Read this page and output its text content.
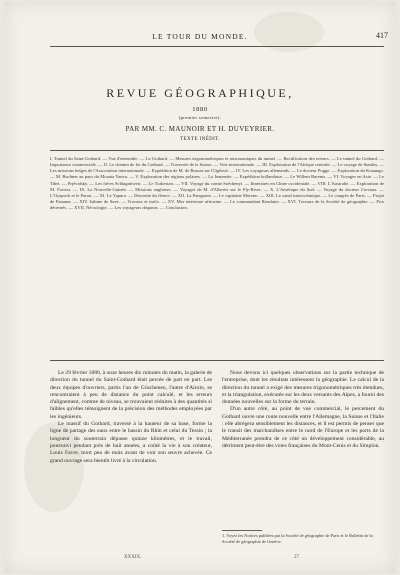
LE TOUR DU MONDE.	417
REVUE GÉOGRAPHIQUE,
1880
(premier semestre).
PAR MM. C. MAUNOIR ET H. DUVEYRIER.
TEXTE INÉDIT.
I. Tunnel du Saint-Gothard. — Vue d'ensemble. — Le Gothard. — Mesures trigonométriques et astronomiques du tunnel. — Rectification des erreurs. — Le tunnel du Gothard. — Importance commerciale. — II. Le chemin de fer du Gothard. — Traversée de la Suisse. — Voie internationale. — III. Exploration de l'Afrique centrale. — Le voyage de Stanley. — Les missions belges de l'Association internationale. — Expédition de M. de Brazza sur l'Ogôoué. — IV. Les voyageurs allemands. — Le docteur Pogge. — Exploration du Kouango. — M. Buchner au pays du Mouata Yanvo. — V. Exploration des régions polaires. — La Jeannette. — Expédition hollandaise. — Le Willem Barents. — VI. Voyages en Asie. — Le Tibet. — Prjévalsky. — Les frères Schlagintweit. — Le Turkestan. — VII. Voyage du comte Széchenyi. — Itinéraires en Chine occidentale. — VIII. L'Australie. — Exploration de M. Forrest. — IX. La Nouvelle-Guinée. — Missions anglaises. — Voyages de M. d'Albertis sur le Fly-River. — X. L'Amérique du Sud. — Voyage du docteur Crevaux. — L'Oyapock et le Parou. — XI. Le Yapura. — Descente du fleuve. — XII. La Patagonie. — Le capitaine Moreno. — XIII. Le canal interocéanique. — Le congrès de Paris. — Projet de Panama. — XIV. Isthme de Suez. — Travaux et trafic. — XV. Mer intérieure africaine. — Le commandant Roudaire. — XVI. Travaux de la Société de géographie. — Prix décernés. — XVII. Nécrologie. — Les voyageurs disparus. — Conclusion.

Le 29 février 1880, à onze heures dix minutes du matin, la galerie de direction du tunnel du Saint-Gothard était percée de part en part. Les deux équipes d'ouvriers, partis l'un de Göschenen, l'autre d'Airolo, se rencontraient à peu de distance du point calculé, et les erreurs d'alignement, comme de niveau, se trouvaient réduites à des quantités si faibles qu'elles témoignent de la précision des méthodes employées par les ingénieurs.

Le massif du Gothard, traversé à la hauteur de sa base, forme la ligne de partage des eaux entre le bassin du Rhin et celui du Tessin ; la longueur du souterrain dépasse quinze kilomètres, et le travail, poursuivi pendant près de huit années, a coûté la vie à son créateur, Louis Favre, mort peu de mois avant de voir son œuvre achevée. Ce grand ouvrage sera bientôt livré à la circulation.

Nous devons ici quelques observations sur la partie technique de l'entreprise, dont les résultats intéressent la géographie. Le calcul de la direction du tunnel a exigé des mesures trigonométriques très étendues, et la triangulation, exécutée sur les deux versants des Alpes, a fourni des données nouvelles sur la forme du terrain.

D'un autre côté, au point de vue commercial, le percement du Gothard ouvre une route nouvelle entre l'Allemagne, la Suisse et l'Italie : elle abrégera sensiblement les distances, et il est permis de penser que le transit des marchandises entre le nord de l'Europe et les ports de la Méditerranée prendra de ce côté un développement considérable, au détriment peut-être des voies françaises du Mont-Cenis et du Simplon.

1. Voyez les Notices publiées par la Société de géographie de Paris et le Bulletin de la Société de géographie de Genève.
XXXIX.	27
